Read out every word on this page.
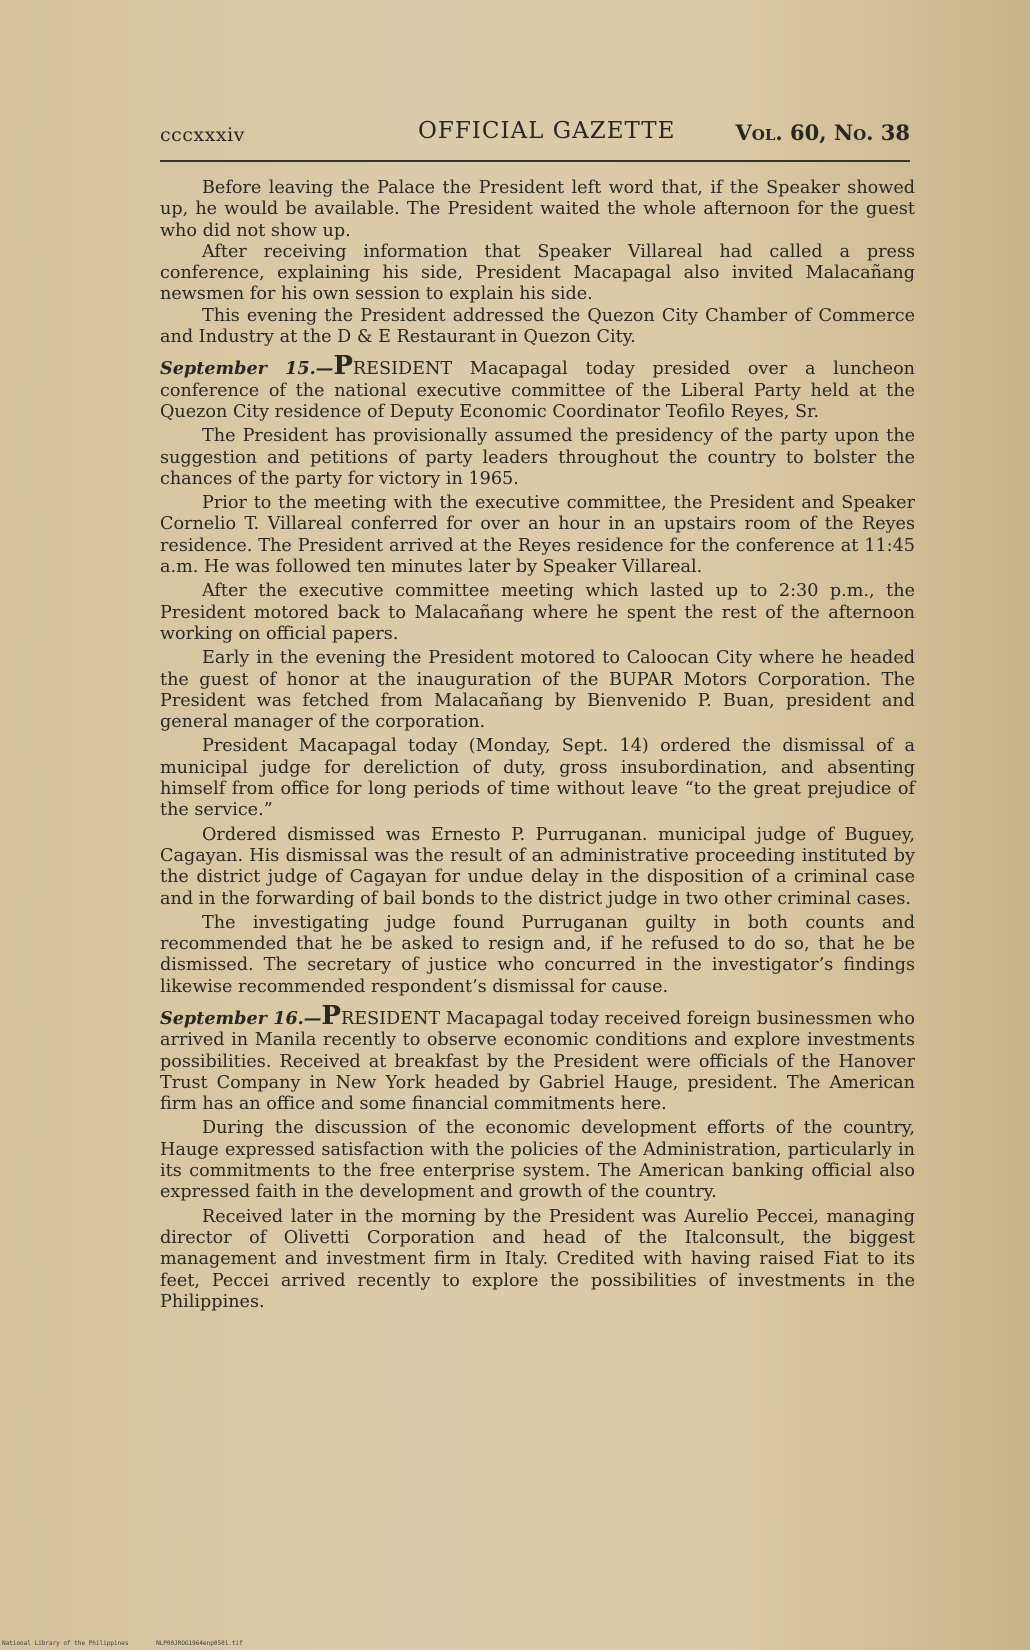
cccxxxiv	OFFICIAL GAZETTE	Vol. 60, No. 38

Before leaving the Palace the President left word that, if the Speaker showed up, he would be available. The President waited the whole afternoon for the guest who did not show up.

After receiving information that Speaker Villareal had called a press conference, explaining his side, President Macapagal also invited Malacañang newsmen for his own session to explain his side.

This evening the President addressed the Quezon City Chamber of Commerce and Industry at the D & E Restaurant in Quezon City.

September 15.—PRESIDENT Macapagal today presided over a luncheon conference of the national executive committee of the Liberal Party held at the Quezon City residence of Deputy Economic Coordinator Teofilo Reyes, Sr.

The President has provisionally assumed the presidency of the party upon the suggestion and petitions of party leaders throughout the country to bolster the chances of the party for victory in 1965.

Prior to the meeting with the executive committee, the President and Speaker Cornelio T. Villareal conferred for over an hour in an upstairs room of the Reyes residence. The President arrived at the Reyes residence for the conference at 11:45 a.m. He was followed ten minutes later by Speaker Villareal.

After the executive committee meeting which lasted up to 2:30 p.m., the President motored back to Malacañang where he spent the rest of the afternoon working on official papers.

Early in the evening the President motored to Caloocan City where he headed the guest of honor at the inauguration of the BUPAR Motors Corporation. The President was fetched from Malacañang by Bienvenido P. Buan, president and general manager of the corporation.

President Macapagal today (Monday, Sept. 14) ordered the dismissal of a municipal judge for dereliction of duty, gross insubordination, and absenting himself from office for long periods of time without leave “to the great prejudice of the service.”

Ordered dismissed was Ernesto P. Purruganan. municipal judge of Buguey, Cagayan. His dismissal was the result of an administrative proceeding instituted by the district judge of Cagayan for undue delay in the disposition of a criminal case and in the forwarding of bail bonds to the district judge in two other criminal cases.

The investigating judge found Purruganan guilty in both counts and recommended that he be asked to resign and, if he refused to do so, that he be dismissed. The secretary of justice who concurred in the investigator’s findings likewise recommended respondent’s dismissal for cause.

September 16.—PRESIDENT Macapagal today received foreign businessmen who arrived in Manila recently to observe economic conditions and explore investments possibilities. Received at breakfast by the President were officials of the Hanover Trust Company in New York headed by Gabriel Hauge, president. The American firm has an office and some financial commitments here.

During the discussion of the economic development efforts of the country, Hauge expressed satisfaction with the policies of the Administration, particularly in its commitments to the free enterprise system. The American banking official also expressed faith in the development and growth of the country.

Received later in the morning by the President was Aurelio Peccei, managing director of Olivetti Corporation and head of the Italconsult, the biggest management and investment firm in Italy. Credited with having raised Fiat to its feet, Peccei arrived recently to explore the possibilities of investments in the Philippines.

National Library of the Philippines	NLP00JROG1964enp0501.tif
